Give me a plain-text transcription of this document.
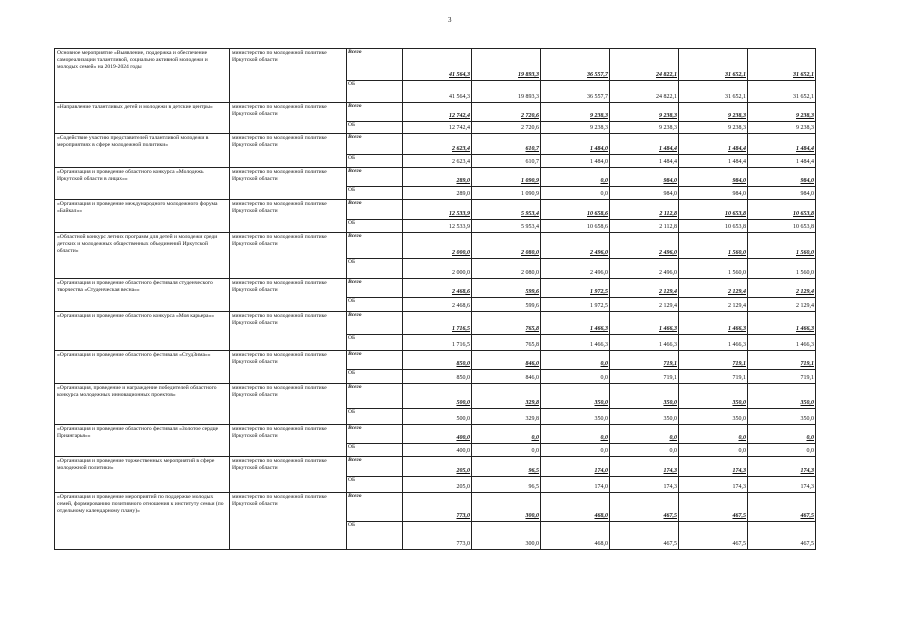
3
Основное мероприятие «Выявление, поддержка и обеспечение самореализации талантливой, социально активной молодежи и молодых семей» на 2019-2024 годы	министерство по молодежной политике Иркутской области	Всего	41 564,3	19 893,3	36 557,7	24 822,1	31 652,1	31 652,1
		ОБ	41 564,3	19 893,3	36 557,7	24 822,1	31 652,1	31 652,1
«Направление талантливых детей и молодежи в детские центры»	министерство по молодежной политике Иркутской области	Всего	12 742,4	2 720,6	9 238,3	9 238,3	9 238,3	9 238,3
		ОБ	12 742,4	2 720,6	9 238,3	9 238,3	9 238,3	9 238,3
«Содействие участию представителей талантливой молодежи в мероприятиях в сфере молодежной политики»	министерство по молодежной политике Иркутской области	Всего	2 623,4	610,7	1 484,0	1 484,4	1 484,4	1 484,4
		ОБ	2 623,4	610,7	1 484,0	1 484,4	1 484,4	1 484,4
«Организация и проведение областного конкурса «Молодежь Иркутской области в лицах»»	министерство по молодежной политике Иркутской области	Всего	289,0	1 090,9	0,0	984,0	984,0	984,0
		ОБ	289,0	1 090,9	0,0	984,0	984,0	984,0
«Организация и проведение международного молодежного форума «Байкал»»	министерство по молодежной политике Иркутской области	Всего	12 533,9	5 953,4	10 658,6	2 112,8	10 653,8	10 653,8
		ОБ	12 533,9	5 953,4	10 658,6	2 112,8	10 653,8	10 653,8
«Областной конкурс летних программ для детей и молодежи среди детских и молодежных общественных объединений Иркутской области»	министерство по молодежной политике Иркутской области	Всего	2 000,0	2 080,0	2 496,0	2 496,0	1 560,0	1 560,0
		ОБ	2 000,0	2 080,0	2 496,0	2 496,0	1 560,0	1 560,0
«Организация и проведение областного фестиваля студенческого творчества «Студенческая весна»»	министерство по молодежной политике Иркутской области	Всего	2 468,6	599,6	1 972,5	2 129,4	2 129,4	2 129,4
		ОБ	2 468,6	599,6	1 972,5	2 129,4	2 129,4	2 129,4
«Организация и проведение областного конкурса «Моя карьера»»	министерство по молодежной политике Иркутской области	Всего	1 716,5	765,8	1 466,3	1 466,3	1 466,3	1 466,3
		ОБ	1 716,5	765,8	1 466,3	1 466,3	1 466,3	1 466,3
«Организация и проведение областного фестиваля «СтудЗима»»	министерство по молодежной политике Иркутской области	Всего	850,0	846,0	0,0	719,1	719,1	719,1
		ОБ	850,0	846,0	0,0	719,1	719,1	719,1
«Организация, проведение и награждение победителей областного конкурса молодежных инновационных проектов»	министерство по молодежной политике Иркутской области	Всего	500,0	329,8	350,0	350,0	350,0	350,0
		ОБ	500,0	329,8	350,0	350,0	350,0	350,0
«Организация и проведение областного фестиваля «Золотое сердце Приангарья»»	министерство по молодежной политике Иркутской области	Всего	400,0	0,0	0,0	0,0	0,0	0,0
		ОБ	400,0	0,0	0,0	0,0	0,0	0,0
«Организация и проведение торжественных мероприятий в сфере молодежной политики»	министерство по молодежной политике Иркутской области	Всего	205,0	96,5	174,0	174,3	174,3	174,3
		ОБ	205,0	96,5	174,0	174,3	174,3	174,3
«Организация и проведение мероприятий по поддержке молодых семей, формированию позитивного отношения к институту семьи (по отдельному календарному плану)»	министерство по молодежной политике Иркутской области	Всего	773,0	300,0	468,0	467,5	467,5	467,5
		ОБ	773,0	300,0	468,0	467,5	467,5	467,5
